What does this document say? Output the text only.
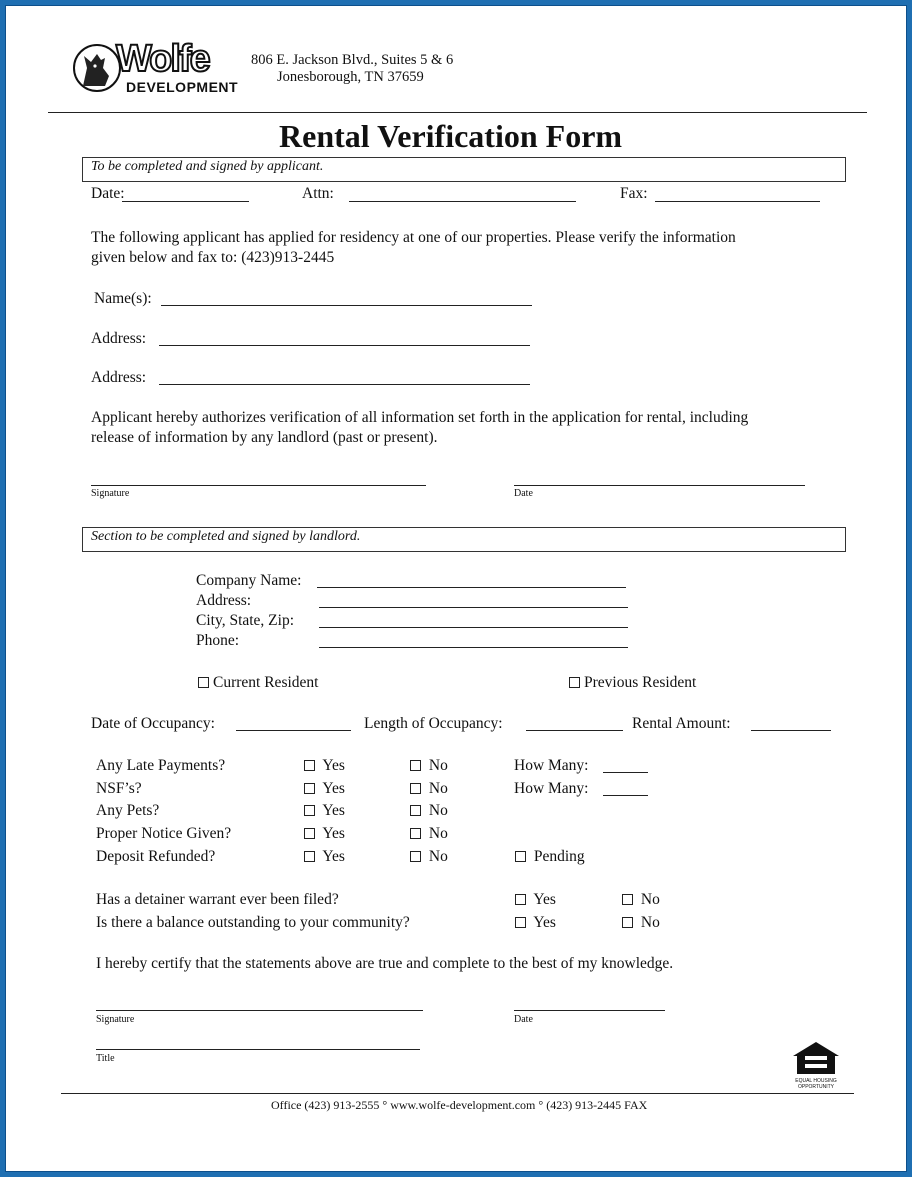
Wolfe
DEVELOPMENT
806 E. Jackson Blvd., Suites 5 & 6
Jonesborough, TN 37659
Rental Verification Form
To be completed and signed by applicant.
Date:	Attn:	Fax:
The following applicant has applied for residency at one of our properties. Please verify the information
given below and fax to: (423)913-2445
Name(s):
Address:
Address:
Applicant hereby authorizes verification of all information set forth in the application for rental, including
release of information by any landlord (past or present).
Signature	Date
Section to be completed and signed by landlord.
Company Name:
Address:
City, State, Zip:
Phone:
Current Resident	Previous Resident
Date of Occupancy:	Length of Occupancy:	Rental Amount:
Any Late Payments?	Yes	No	How Many:
NSF’s?	Yes	No	How Many:
Any Pets?	Yes	No
Proper Notice Given?	Yes	No
Deposit Refunded?	Yes	No	Pending
Has a detainer warrant ever been filed?	Yes	No
Is there a balance outstanding to your community?	Yes	No
I hereby certify that the statements above are true and complete to the best of my knowledge.
Signature	Date
Title
EQUAL HOUSING
OPPORTUNITY
Office (423) 913-2555 ° www.wolfe-development.com ° (423) 913-2445 FAX
